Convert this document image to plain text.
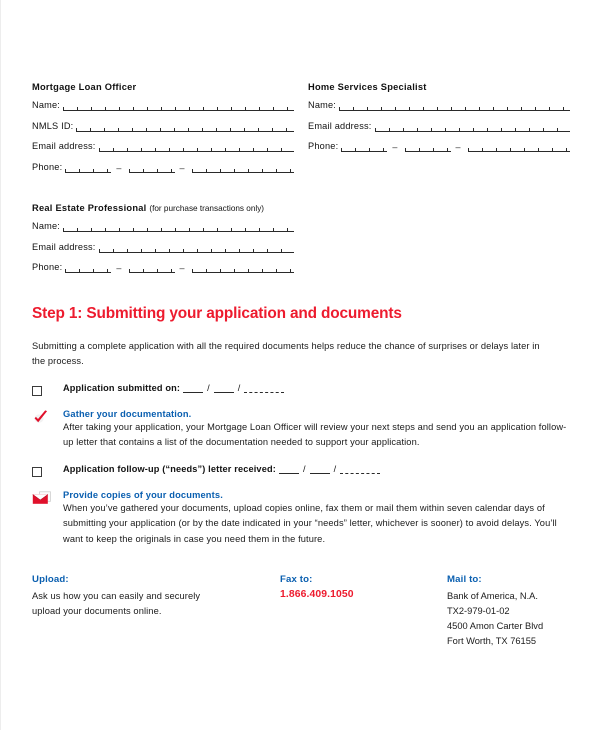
Mortgage Loan Officer
Name:
NMLS ID:
Email address:
Phone:	–	–
Home Services Specialist
Name:
Email address:
Phone:	–	–
Real Estate Professional (for purchase transactions only)
Name:
Email address:
Phone:	–	–
Step 1: Submitting your application and documents
Submitting a complete application with all the required documents helps reduce the chance of surprises or delays later in the process.
Application submitted on:	/	/
Gather your documentation.
After taking your application, your Mortgage Loan Officer will review your next steps and send you an application follow-up letter that contains a list of the documentation needed to support your application.
Application follow-up (“needs”) letter received:	/	/
Provide copies of your documents.
When you’ve gathered your documents, upload copies online, fax them or mail them within seven calendar days of submitting your application (or by the date indicated in your “needs” letter, whichever is sooner) to avoid delays. You’ll want to keep the originals in case you need them in the future.
Upload:
Ask us how you can easily and securely
upload your documents online.
Fax to:
1.866.409.1050
Mail to:
Bank of America, N.A.
TX2-979-01-02
4500 Amon Carter Blvd
Fort Worth, TX 76155
